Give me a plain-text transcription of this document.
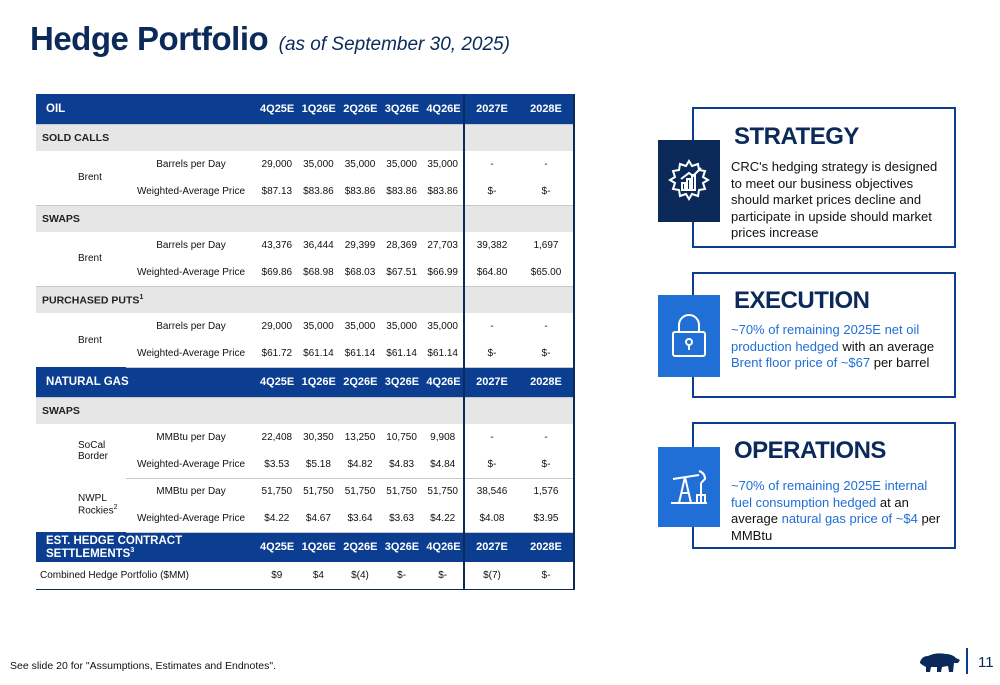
Hedge Portfolio (as of September 30, 2025)
OIL		4Q25E	1Q26E	2Q26E	3Q26E	4Q26E	2027E	2028E
SOLD CALLS								
Brent	Barrels per Day	29,000	35,000	35,000	35,000	35,000	-	-
	Weighted-Average Price	$87.13	$83.86	$83.86	$83.86	$83.86	$-	$-
SWAPS								
Brent	Barrels per Day	43,376	36,444	29,399	28,369	27,703	39,382	1,697
	Weighted-Average Price	$69.86	$68.98	$68.03	$67.51	$66.99	$64.80	$65.00
PURCHASED PUTS$^1$		
Brent	Barrels per Day	29,000	35,000	35,000	35,000	35,000	-	-
	Weighted-Average Price	$61.72	$61.14	$61.14	$61.14	$61.14	$-	$-
NATURAL GAS		4Q25E	1Q26E	2Q26E	3Q26E	4Q26E	2027E	2028E
SWAPS								
SoCal Border	MMBtu per Day	22,408	30,350	13,250	10,750	9,908	-	-
	Weighted-Average Price	$3.53	$5.18	$4.82	$4.83	$4.84	$-	$-
NWPL Rockies$^2$	MMBtu per Day	51,750	51,750	51,750	51,750	51,750	38,546	1,576
	Weighted-Average Price	$4.22	$4.67	$3.64	$3.63	$4.22	$4.08	$3.95
EST. HEDGE CONTRACT SETTLEMENTS$^3$		4Q25E	1Q26E	2Q26E	3Q26E	4Q26E	2027E	2028E
Combined Hedge Portfolio ($MM)		$9	$4	$(4)	$-	$-	$(7)	$-
STRATEGY
CRC's hedging strategy is designed to meet our business objectives should market prices decline and participate in upside should market prices increase
EXECUTION
~70% of remaining 2025E net oil production hedged with an average Brent floor price of ~$67 per barrel
OPERATIONS
~70% of remaining 2025E internal fuel consumption hedged at an average natural gas price of ~$4 per MMBtu
See slide 20 for "Assumptions, Estimates and Endnotes".	11
